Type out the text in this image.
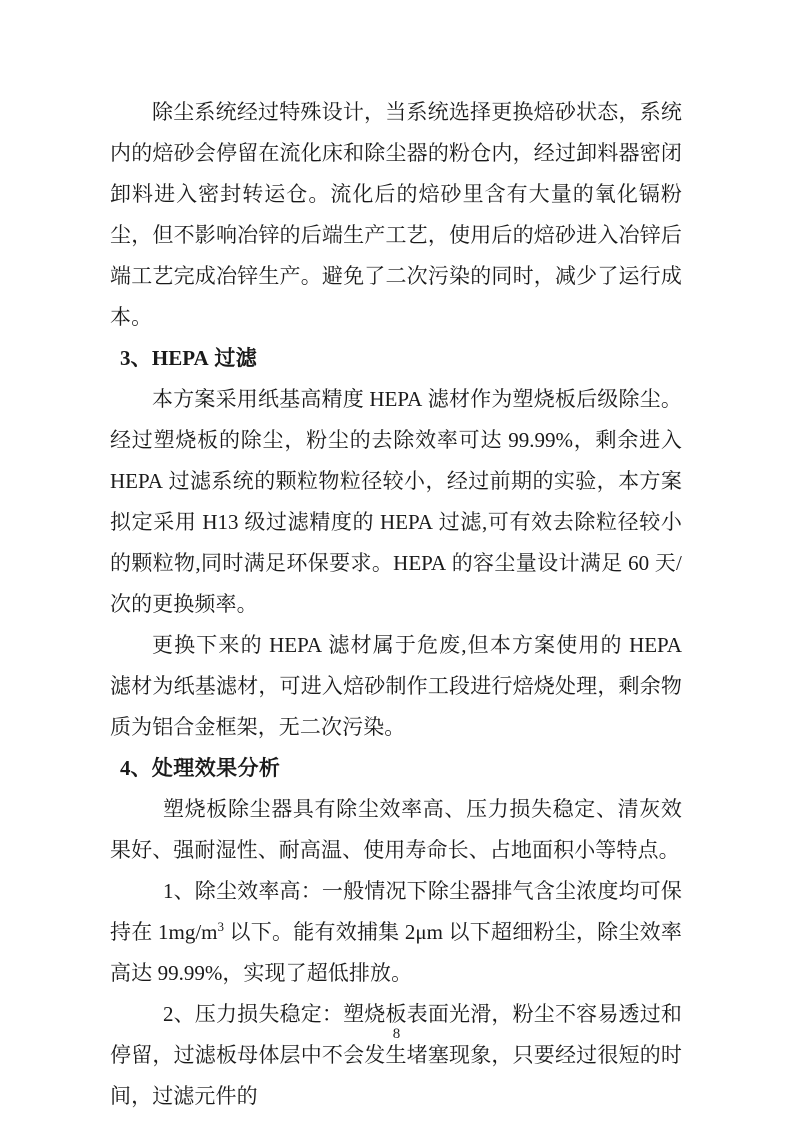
除尘系统经过特殊设计，当系统选择更换焙砂状态，系统内的焙砂会停留在流化床和除尘器的粉仓内，经过卸料器密闭卸料进入密封转运仓。流化后的焙砂里含有大量的氧化镉粉尘，但不影响冶锌的后端生产工艺，使用后的焙砂进入冶锌后端工艺完成冶锌生产。避免了二次污染的同时，减少了运行成本。

3、HEPA 过滤

本方案采用纸基高精度 HEPA 滤材作为塑烧板后级除尘。经过塑烧板的除尘，粉尘的去除效率可达 99.99%，剩余进入 HEPA 过滤系统的颗粒物粒径较小，经过前期的实验，本方案拟定采用 H13 级过滤精度的 HEPA 过滤,可有效去除粒径较小的颗粒物,同时满足环保要求。HEPA 的容尘量设计满足 60 天/次的更换频率。

更换下来的 HEPA 滤材属于危废,但本方案使用的 HEPA 滤材为纸基滤材，可进入焙砂制作工段进行焙烧处理，剩余物质为铝合金框架，无二次污染。

4、处理效果分析

塑烧板除尘器具有除尘效率高、压力损失稳定、清灰效果好、强耐湿性、耐高温、使用寿命长、占地面积小等特点。

1、除尘效率高：一般情况下除尘器排气含尘浓度均可保持在 $1mg/m^3$ 以下。能有效捕集 2μm 以下超细粉尘，除尘效率高达 99.99%，实现了超低排放。

2、压力损失稳定：塑烧板表面光滑，粉尘不容易透过和停留，过滤板母体层中不会发生堵塞现象，只要经过很短的时间，过滤元件的

8
